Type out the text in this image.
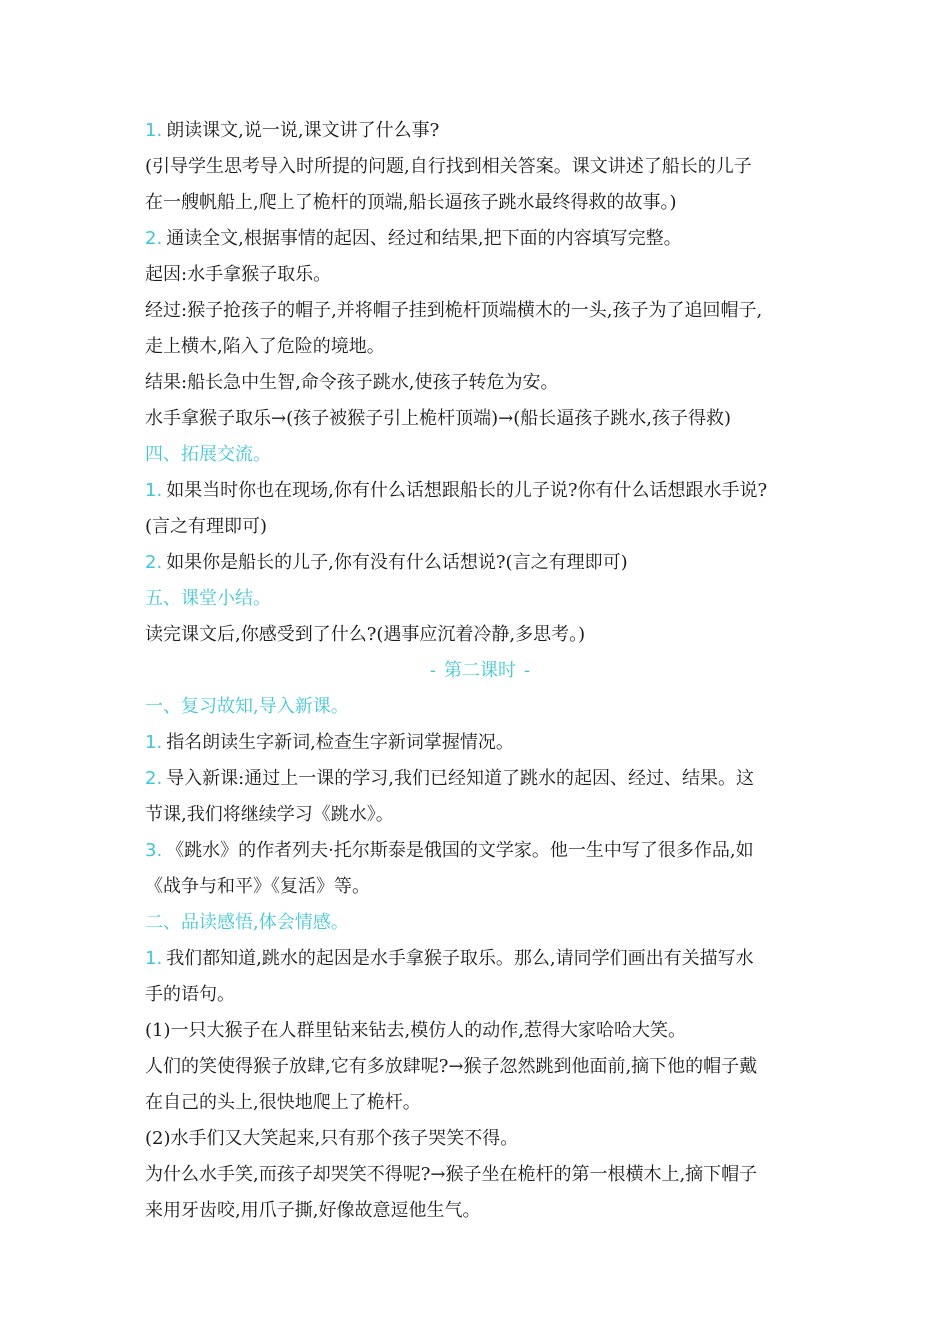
1. 朗读课文,说一说,课文讲了什么事?
(引导学生思考导入时所提的问题,自行找到相关答案。课文讲述了船长的儿子
在一艘帆船上,爬上了桅杆的顶端,船长逼孩子跳水最终得救的故事。)
2. 通读全文,根据事情的起因、经过和结果,把下面的内容填写完整。
起因:水手拿猴子取乐。
经过:猴子抢孩子的帽子,并将帽子挂到桅杆顶端横木的一头,孩子为了追回帽子,
走上横木,陷入了危险的境地。
结果:船长急中生智,命令孩子跳水,使孩子转危为安。
水手拿猴子取乐→(孩子被猴子引上桅杆顶端)→(船长逼孩子跳水,孩子得救)
四、拓展交流。
1. 如果当时你也在现场,你有什么话想跟船长的儿子说?你有什么话想跟水手说?
(言之有理即可)
2. 如果你是船长的儿子,你有没有什么话想说?(言之有理即可)
五、课堂小结。
读完课文后,你感受到了什么?(遇事应沉着冷静,多思考。)
- 第二课时 -
一、复习故知,导入新课。
1. 指名朗读生字新词,检查生字新词掌握情况。
2. 导入新课:通过上一课的学习,我们已经知道了跳水的起因、经过、结果。这
节课,我们将继续学习《跳水》。
3. 《跳水》的作者列夫·托尔斯泰是俄国的文学家。他一生中写了很多作品,如
《战争与和平》《复活》等。
二、品读感悟,体会情感。
1. 我们都知道,跳水的起因是水手拿猴子取乐。那么,请同学们画出有关描写水
手的语句。
(1)一只大猴子在人群里钻来钻去,模仿人的动作,惹得大家哈哈大笑。
人们的笑使得猴子放肆,它有多放肆呢?→猴子忽然跳到他面前,摘下他的帽子戴
在自己的头上,很快地爬上了桅杆。
(2)水手们又大笑起来,只有那个孩子哭笑不得。
为什么水手笑,而孩子却哭笑不得呢?→猴子坐在桅杆的第一根横木上,摘下帽子
来用牙齿咬,用爪子撕,好像故意逗他生气。
